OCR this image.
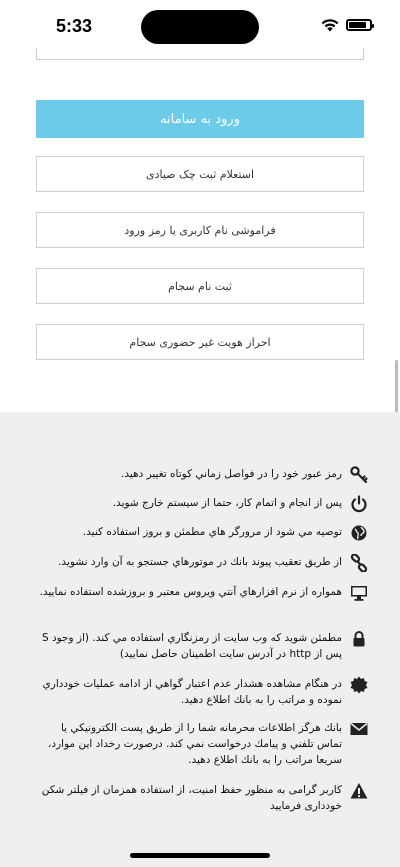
5:33
ورود به سامانه
استعلام ثبت چک صیادی
فراموشی نام کاربری یا رمز ورود
ثبت نام سجام
احراز هویت غیر حضوری سجام
رمز عبور خود را در فواصل زماني كوتاه تغيير دهيد.
پس از انجام و اتمام كار، حتما از سيستم خارج شويد.
توصيه مي شود از مرورگر هاي مطمئن و بروز استفاده كنيد.
از طريق تعقيب پيوند بانك در موتورهاي جستجو به آن وارد نشويد.
همواره از نرم افزارهاي آنتي ويروس معتبر و بروزشده استفاده نماييد.
مطمئن شويد كه وب سايت از رمزنگاري استفاده مي كند. (از وجود S پس از http در آدرس سايت اطمينان حاصل نماييد)
در هنگام مشاهده هشدار عدم اعتبار گواهي از ادامه عمليات خودداري نموده و مراتب را به بانك اطلاع دهيد.
بانك هرگز اطلاعات محرمانه شما را از طريق پست الكترونيكي يا تماس تلفني و پيامك درخواست نمي كند. درصورت رخداد اين موارد، سريعا مراتب را به بانك اطلاع دهيد.
کاربر گرامی به منظور حفظ امنیت، از استفاده همزمان از فیلتر شکن خودداری فرمایید
